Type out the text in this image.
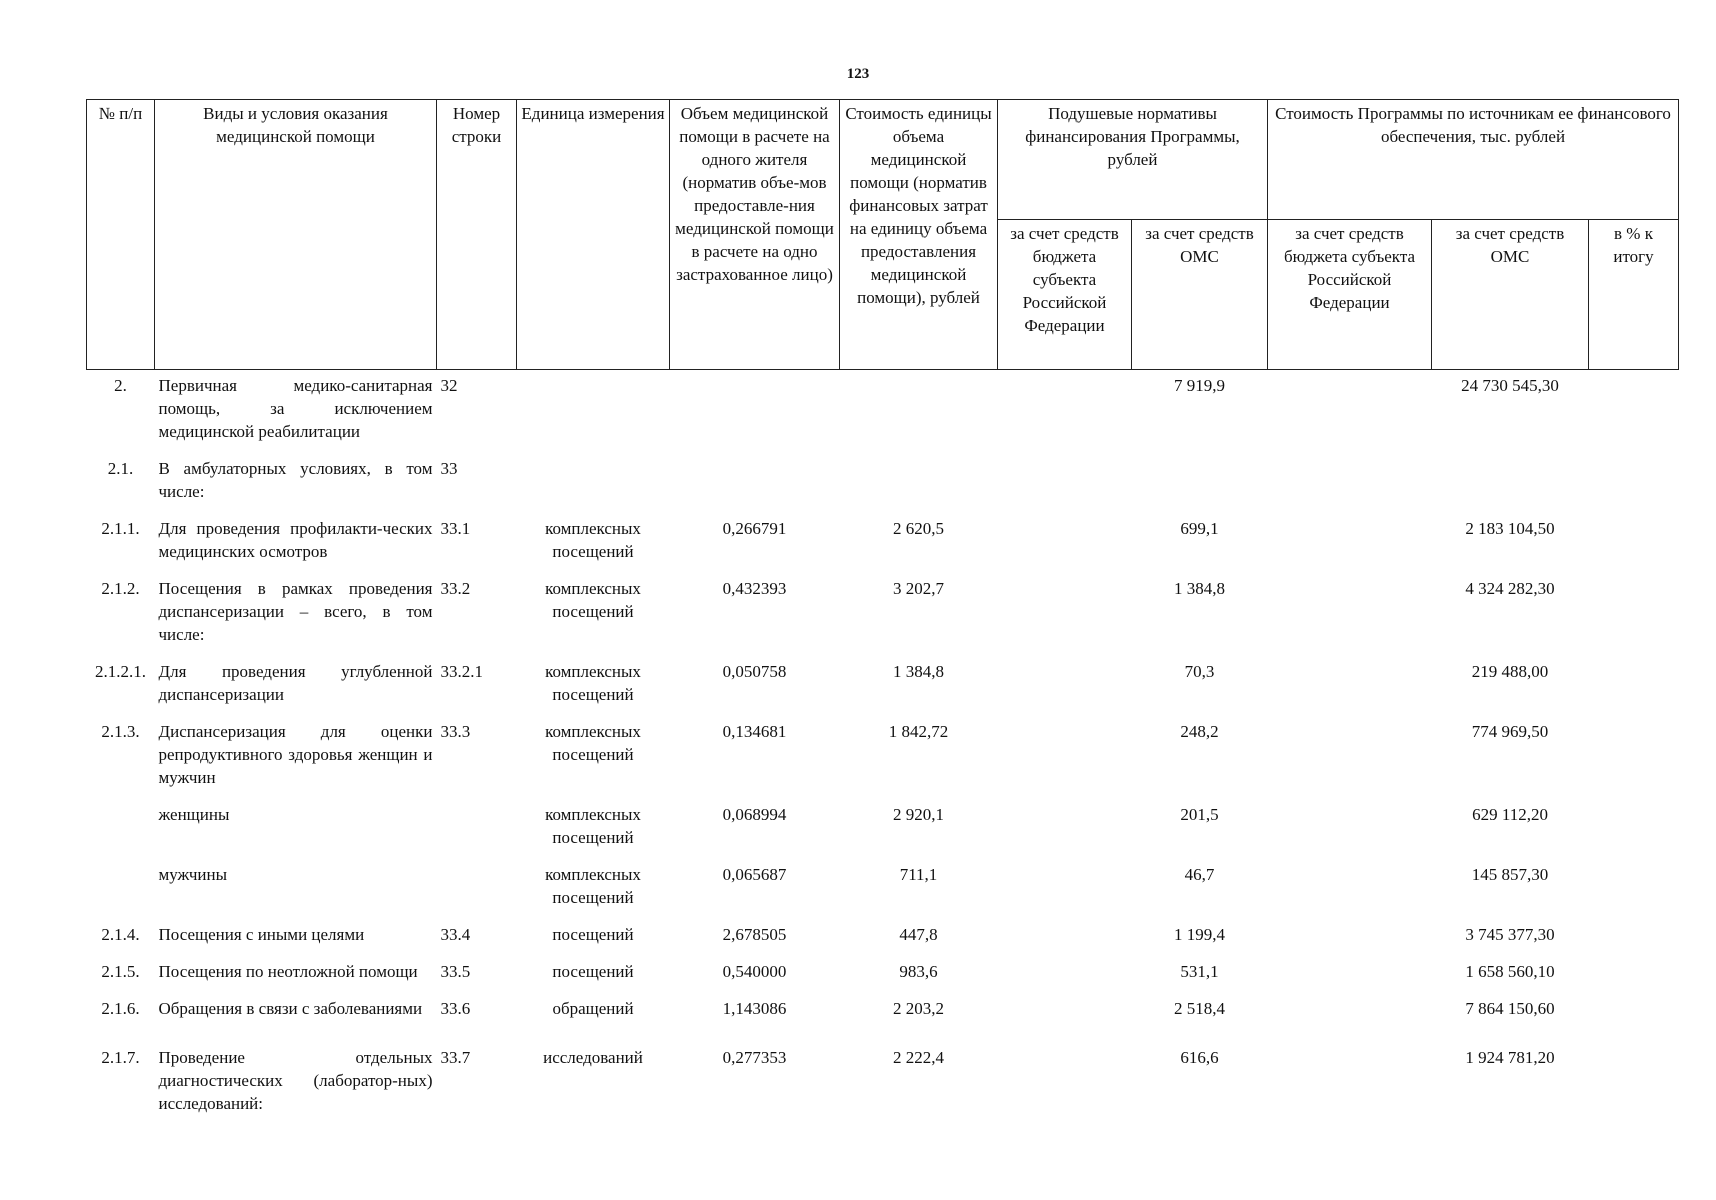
123
№ п/п	Виды и условия оказания медицинской помощи	Номер строки	Единица измерения	Объем медицинской помощи в расчете на одного жителя (норматив объе-мов предоставле-ния медицинской помощи в расчете на одно застрахованное лицо)	Стоимость единицы объема медицинской помощи (норматив финансовых затрат на единицу объема предоставления медицинской помощи), рублей	Подушевые нормативы финансирования Программы, рублей		Стоимость Программы по источникам ее финансового обеспечения, тыс. рублей		
						за счет средств бюджета субъекта Российской Федерации	за счет средств ОМС	за счет средств бюджета субъекта Российской Федерации	за счет средств ОМС	в % к итогу
2.	Первичная медико-санитарная помощь, за исключением медицинской реабилитации	32					7 919,9		24 730 545,30	
2.1.	В амбулаторных условиях, в том числе:	33								
2.1.1.	Для проведения профилакти-ческих медицинских осмотров	33.1	комплексных посещений	0,266791	2 620,5		699,1		2 183 104,50	
2.1.2.	Посещения в рамках проведения диспансеризации – всего, в том числе:	33.2	комплексных посещений	0,432393	3 202,7		1 384,8		4 324 282,30	
2.1.2.1.	Для проведения углубленной диспансеризации	33.2.1	комплексных посещений	0,050758	1 384,8		70,3		219 488,00	
2.1.3.	Диспансеризация для оценки репродуктивного здоровья женщин и мужчин	33.3	комплексных посещений	0,134681	1 842,72		248,2		774 969,50	
	женщины		комплексных посещений	0,068994	2 920,1		201,5		629 112,20	
	мужчины		комплексных посещений	0,065687	711,1		46,7		145 857,30	
2.1.4.	Посещения с иными целями	33.4	посещений	2,678505	447,8		1 199,4		3 745 377,30	
2.1.5.	Посещения по неотложной помощи	33.5	посещений	0,540000	983,6		531,1		1 658 560,10	
2.1.6.	Обращения в связи с заболеваниями	33.6	обращений	1,143086	2 203,2		2 518,4		7 864 150,60	
2.1.7.	Проведение отдельных диагностических (лаборатор-ных) исследований:	33.7	исследований	0,277353	2 222,4		616,6		1 924 781,20	
